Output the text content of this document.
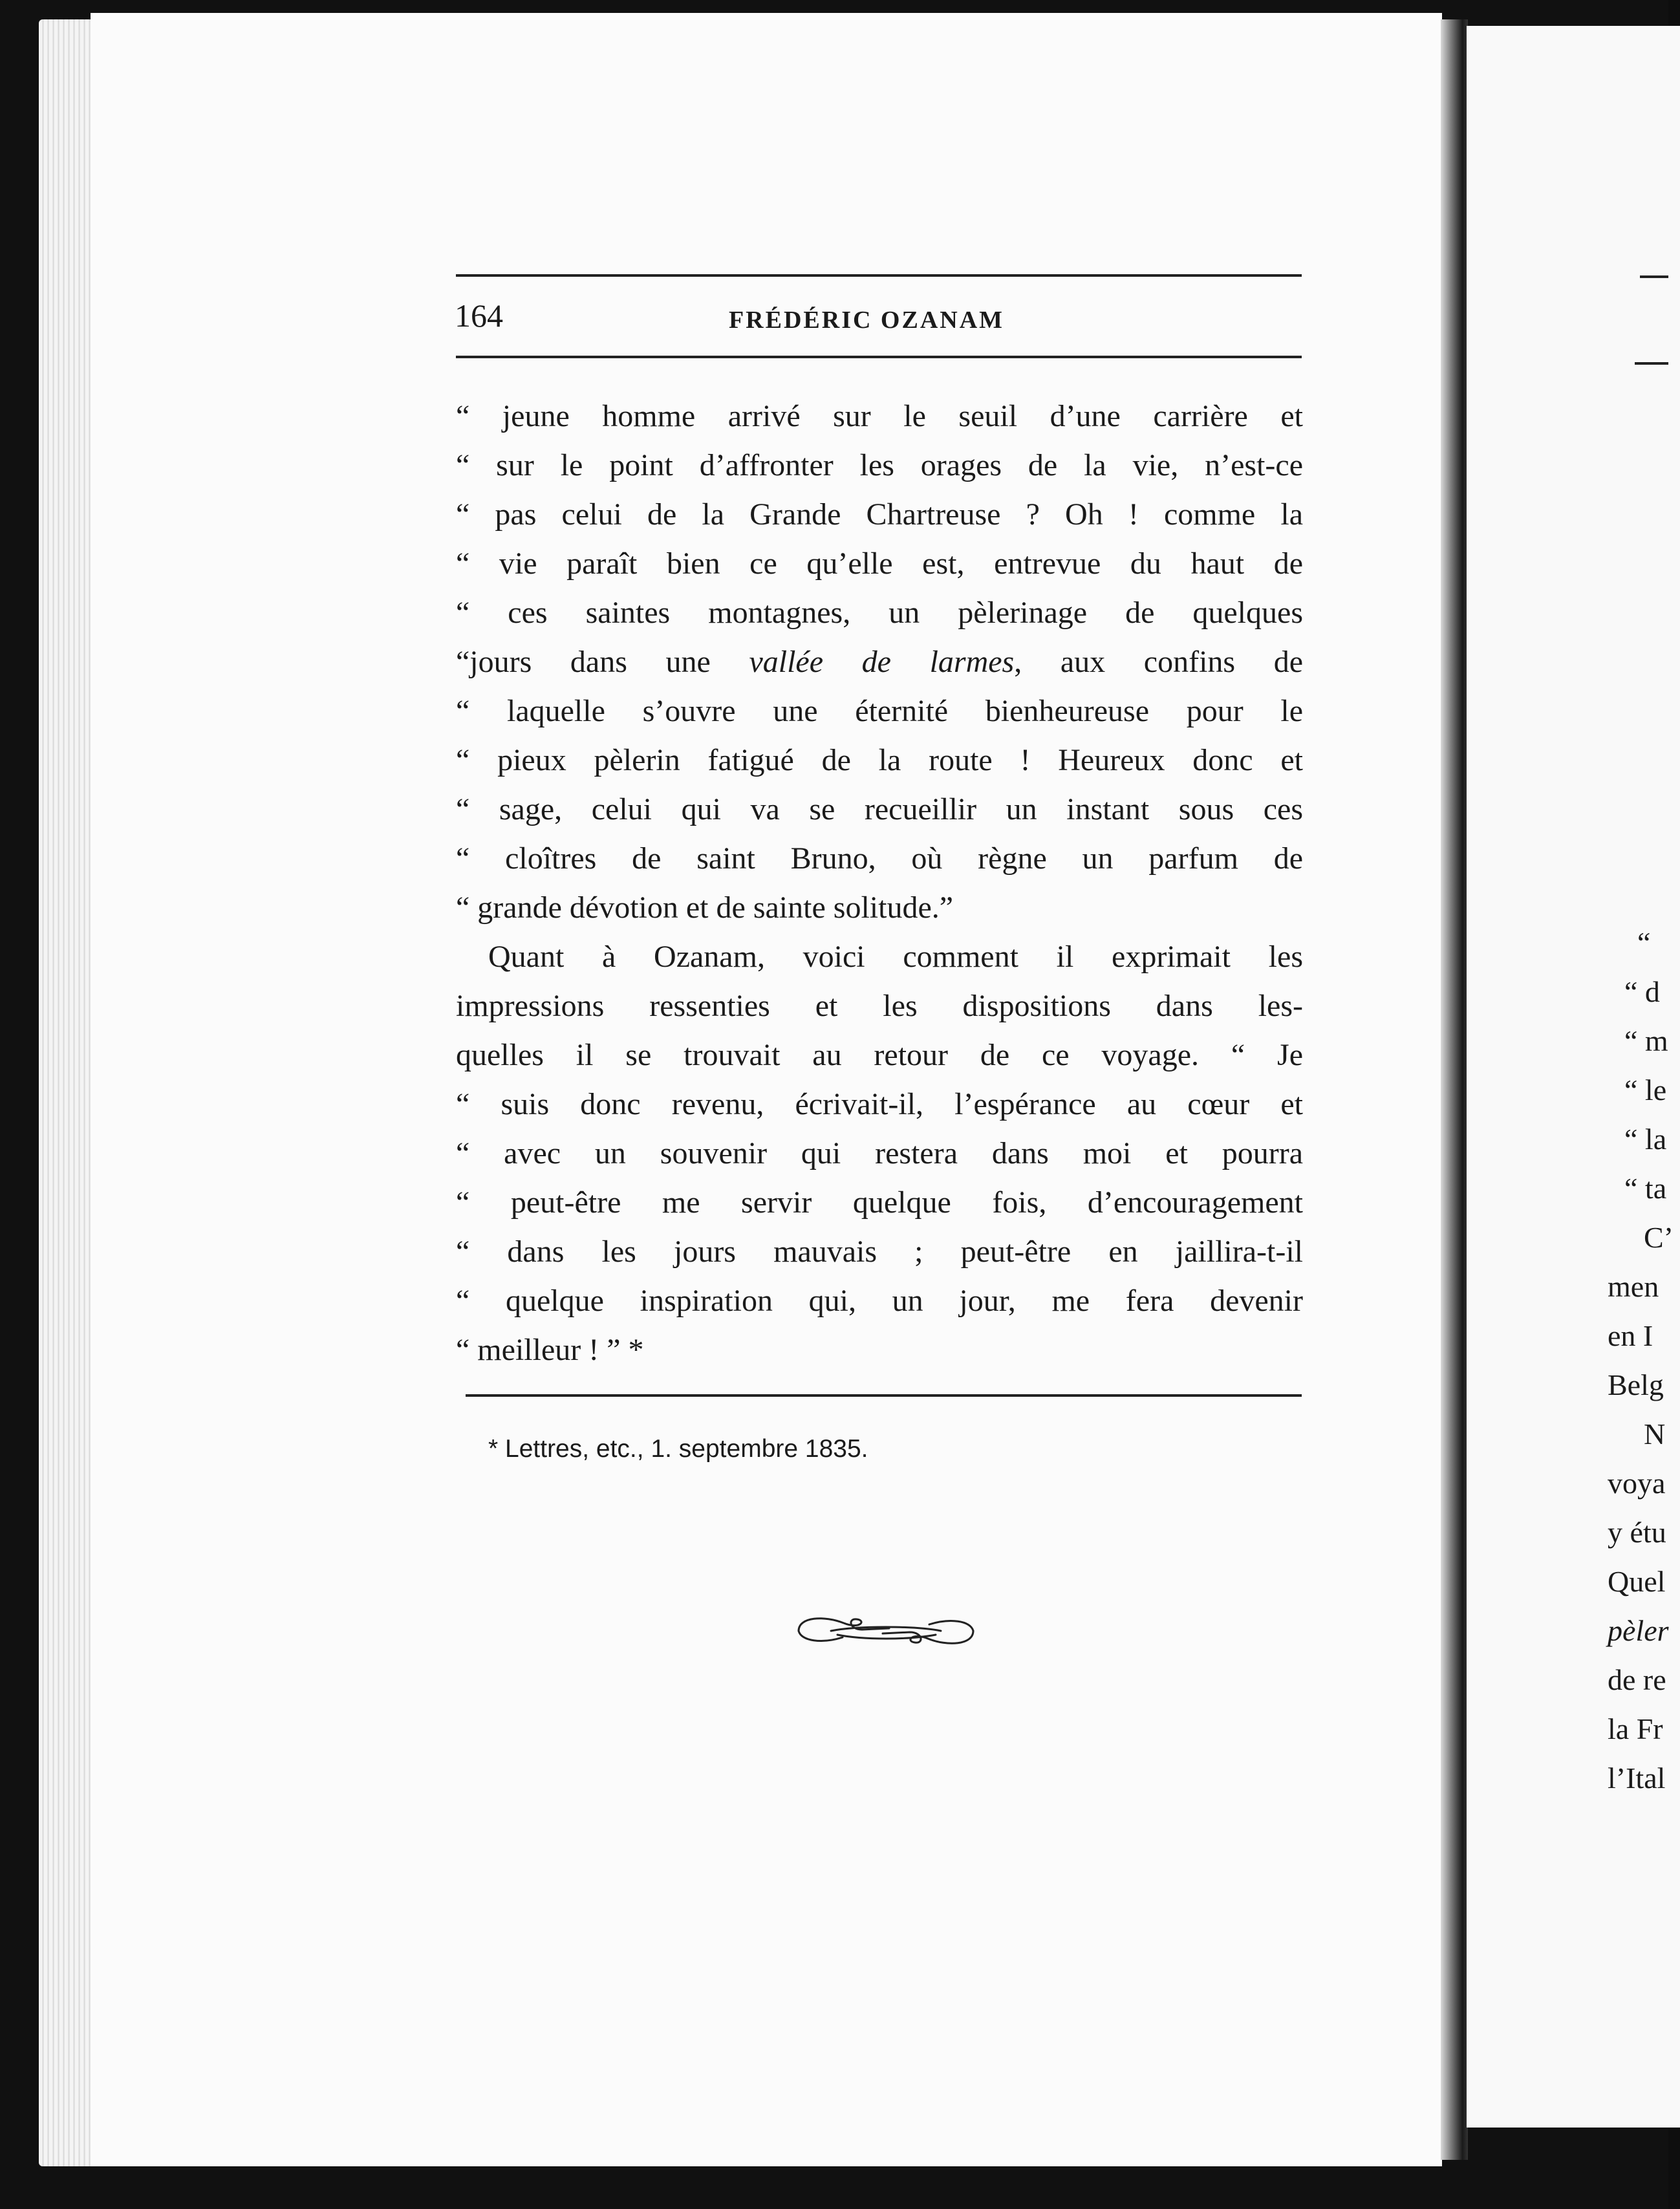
164	FRÉDÉRIC OZANAM
“ jeune homme arrivé sur le seuil d’une carrière et
“ sur le point d’affronter les orages de la vie, n’est-ce
“ pas celui de la Grande Chartreuse ? Oh ! comme la
“ vie paraît bien ce qu’elle est, entrevue du haut de
“ ces saintes montagnes, un pèlerinage de quelques
“jours dans une vallée de larmes, aux confins de
“ laquelle s’ouvre une éternité bienheureuse pour le
“ pieux pèlerin fatigué de la route ! Heureux donc et
“ sage, celui qui va se recueillir un instant sous ces
“ cloîtres de saint Bruno, où règne un parfum de
“ grande dévotion et de sainte solitude.”
Quant à Ozanam, voici comment il exprimait les
impressions ressenties et les dispositions dans les-
quelles il se trouvait au retour de ce voyage. “ Je
“ suis donc revenu, écrivait-il, l’espérance au cœur et
“ avec un souvenir qui restera dans moi et pourra
“ peut-être me servir quelque fois, d’encouragement
“ dans les jours mauvais ; peut-être en jaillira-t-il
“ quelque inspiration qui, un jour, me fera devenir
“ meilleur ! ” *
* Lettres, etc., 1. septembre 1835.
“
“ d
“ m
“ le
“ la
“ ta
C’
men
en I
Belg
N
voya
y étu
Quel
pèler
de re
la Fr
l’Ital
